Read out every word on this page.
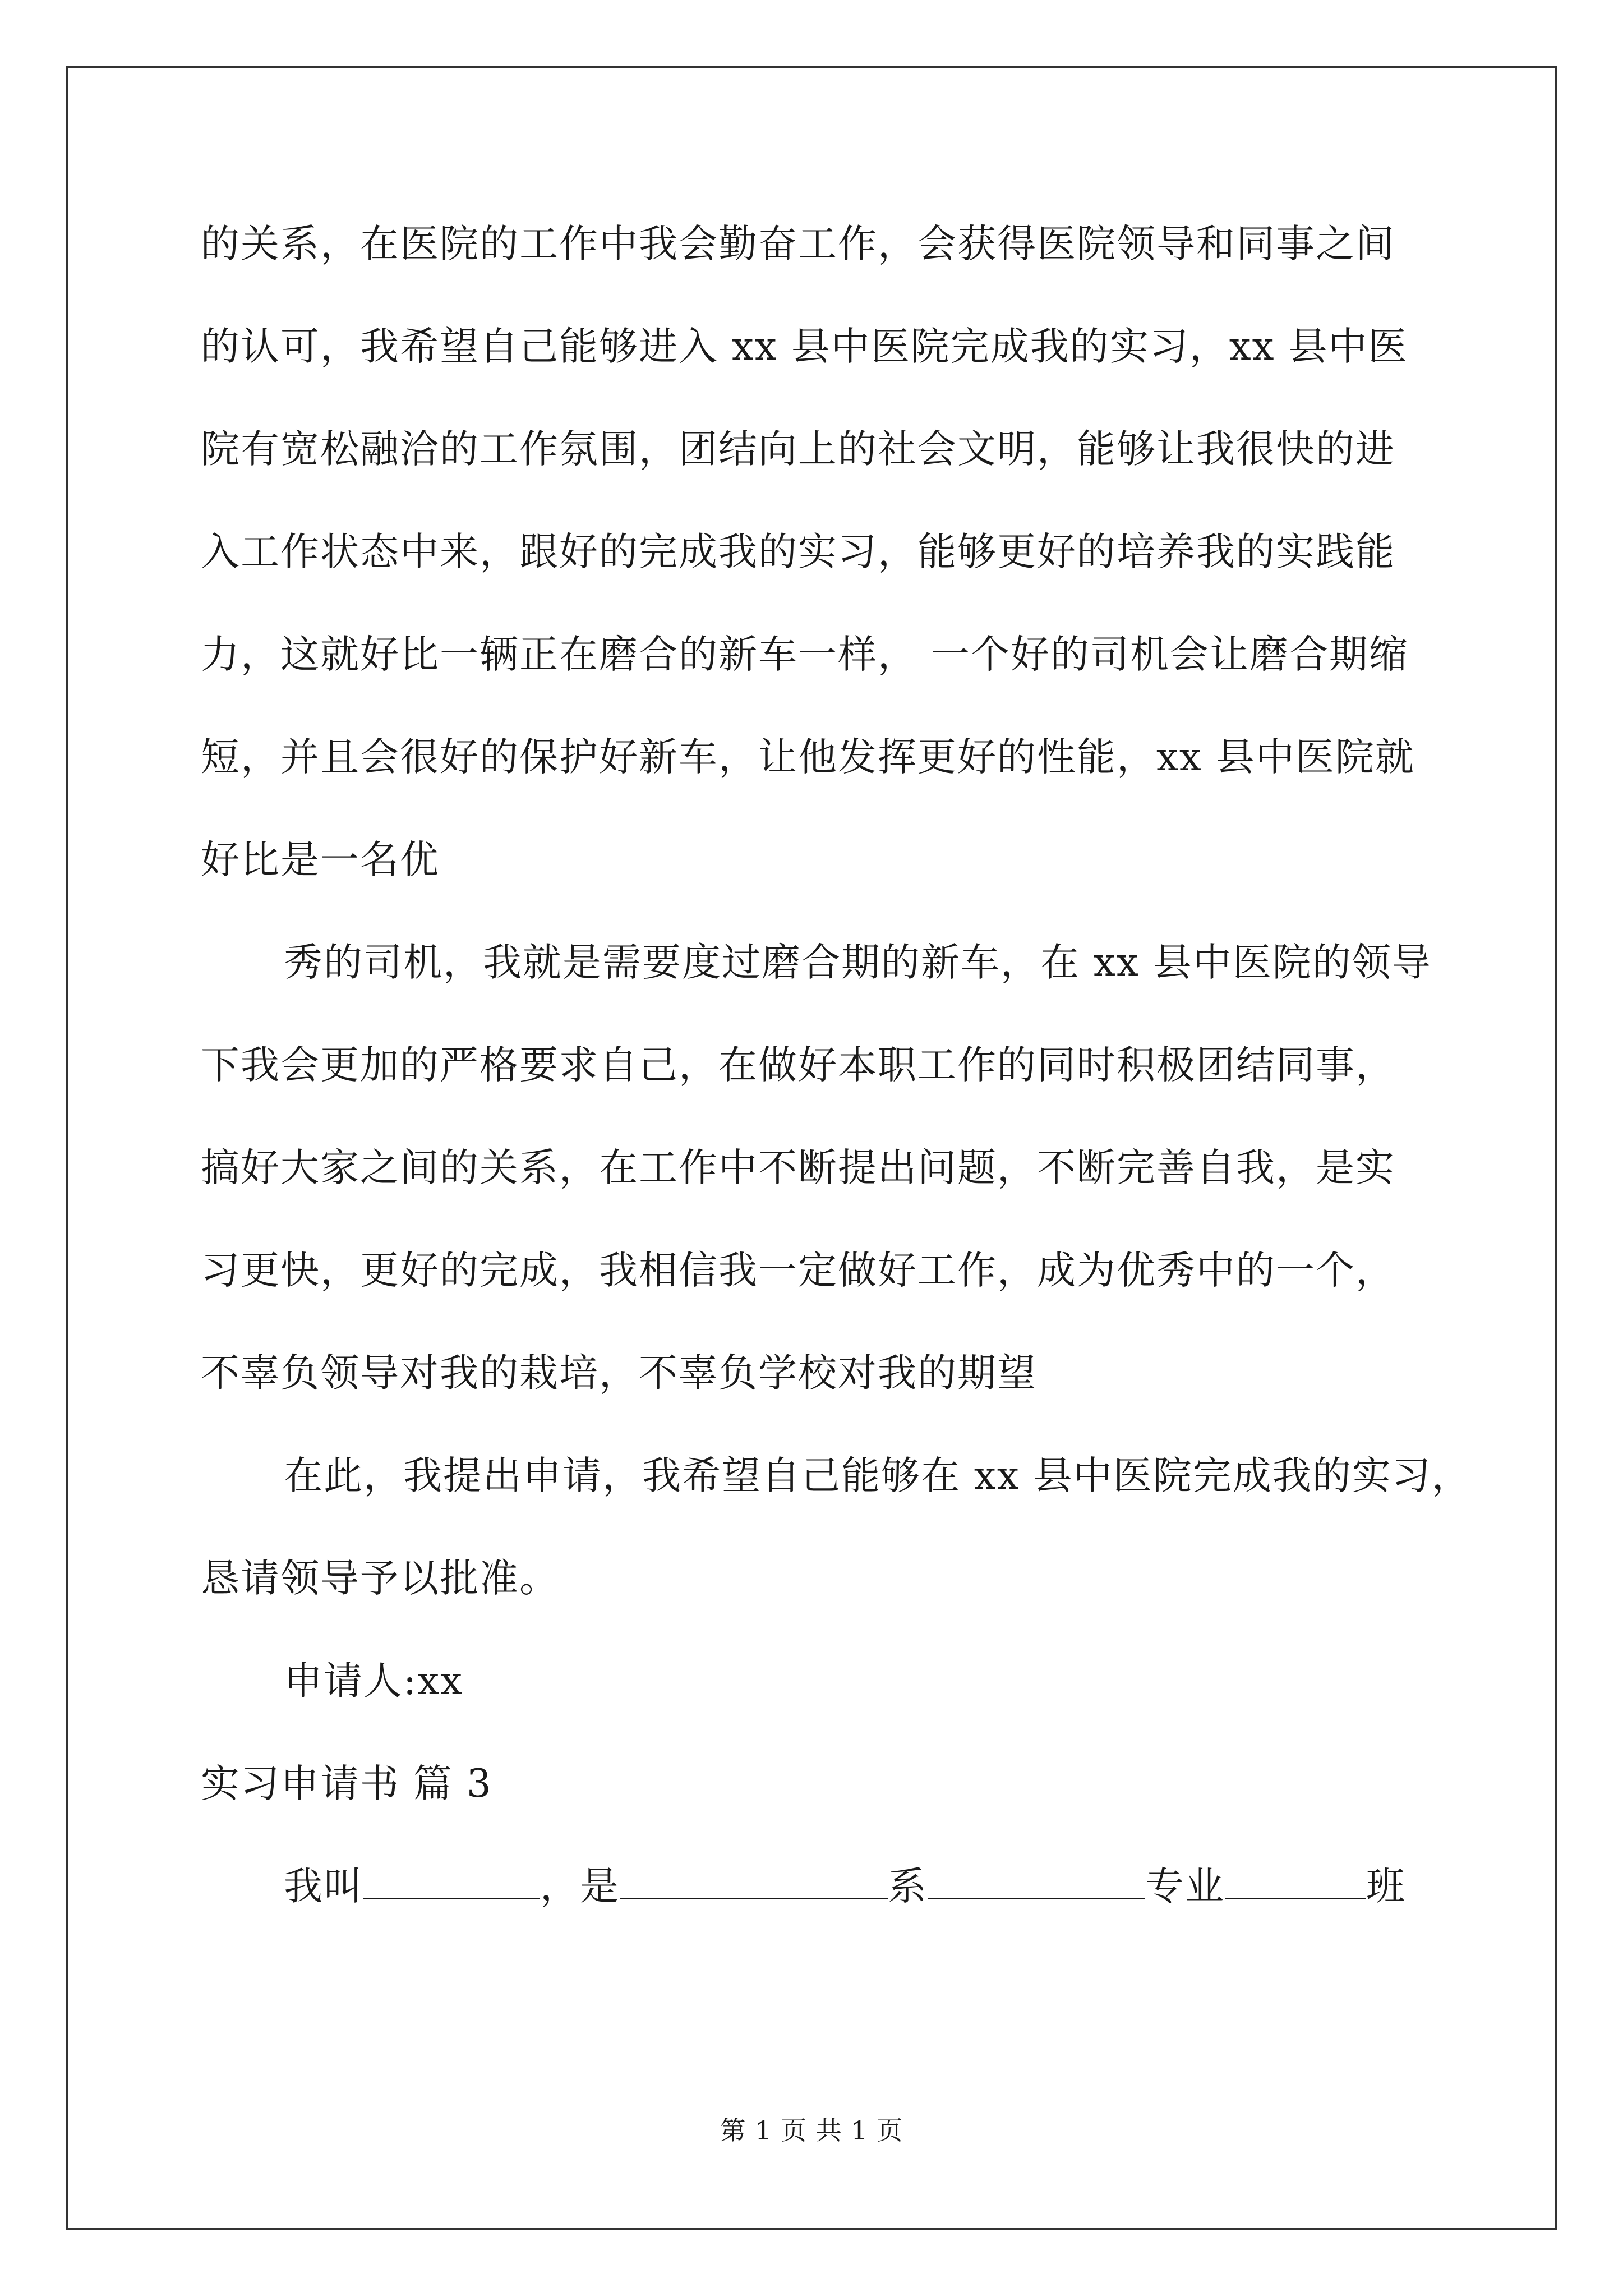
的关系，在医院的工作中我会勤奋工作，会获得医院领导和同事之间
的认可，我希望自己能够进入 xx 县中医院完成我的实习，xx 县中医
院有宽松融洽的工作氛围，团结向上的社会文明，能够让我很快的进
入工作状态中来，跟好的完成我的实习，能够更好的培养我的实践能
力，这就好比一辆正在磨合的新车一样， 一个好的司机会让磨合期缩
短，并且会很好的保护好新车，让他发挥更好的性能，xx 县中医院就
好比是一名优
秀的司机，我就是需要度过磨合期的新车，在 xx 县中医院的领导
下我会更加的严格要求自己，在做好本职工作的同时积极团结同事，
搞好大家之间的关系，在工作中不断提出问题，不断完善自我，是实
习更快，更好的完成，我相信我一定做好工作，成为优秀中的一个，
不辜负领导对我的栽培，不辜负学校对我的期望
在此，我提出申请，我希望自己能够在 xx 县中医院完成我的实习，
恳请领导予以批准。
申请人:xx
实习申请书 篇 3
我叫	，是	系	专业	班
第 1 页 共 1 页
